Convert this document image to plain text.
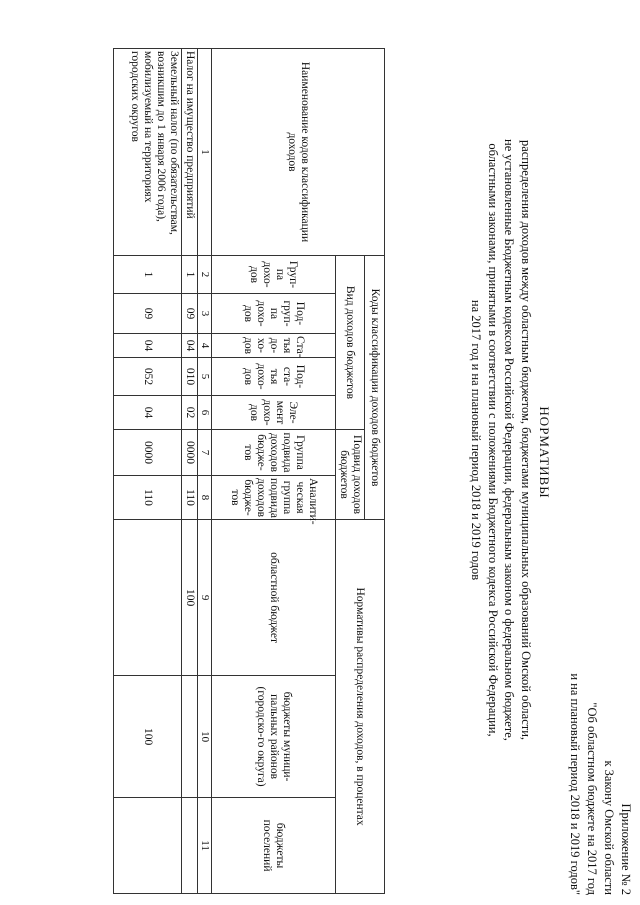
Приложение № 2
к Закону Омской области
"Об областном бюджете на 2017 год
и на плановый период 2018 и 2019 годов"
НОРМАТИВЫ
распределения доходов между областным бюджетом, бюджетами муниципальных образований Омской области,
не установленные Бюджетным кодексом Российской Федерации, федеральным законом о федеральном бюджете,
областными законами, принятыми в соответствии с положениями Бюджетного кодекса Российской Федерации,
на 2017 год и на плановый период 2018 и 2019 годов
Наименование кодов классификации доходов	Коды классификации доходов бюджетов							Нормативы распределения доходов, в процентах		
	Вид доходов бюджетов					Подвид доходов бюджетов				
	Груп-па дохо-дов	Под-груп-па дохо-дов	Ста-тья до-хо-дов	Под-ста-тья дохо-дов	Эле-мент дохо-дов	Группа подвида доходов бюдже-тов	Аналити-ческая группа подвида доходов бюдже-тов	областной бюджет	бюджеты муници-пальных районов (городско-го округа)	бюджеты поселений
1	2	3	4	5	6	7	8	9	10	11
Налог на имущество предприятий	1	09	04	010	02	0000	110	100		
Земельный налог (по обязательствам, возникшим до 1 января 2006 года), мобилизуемый на территориях городских округов	1	09	04	052	04	0000	110		100	
